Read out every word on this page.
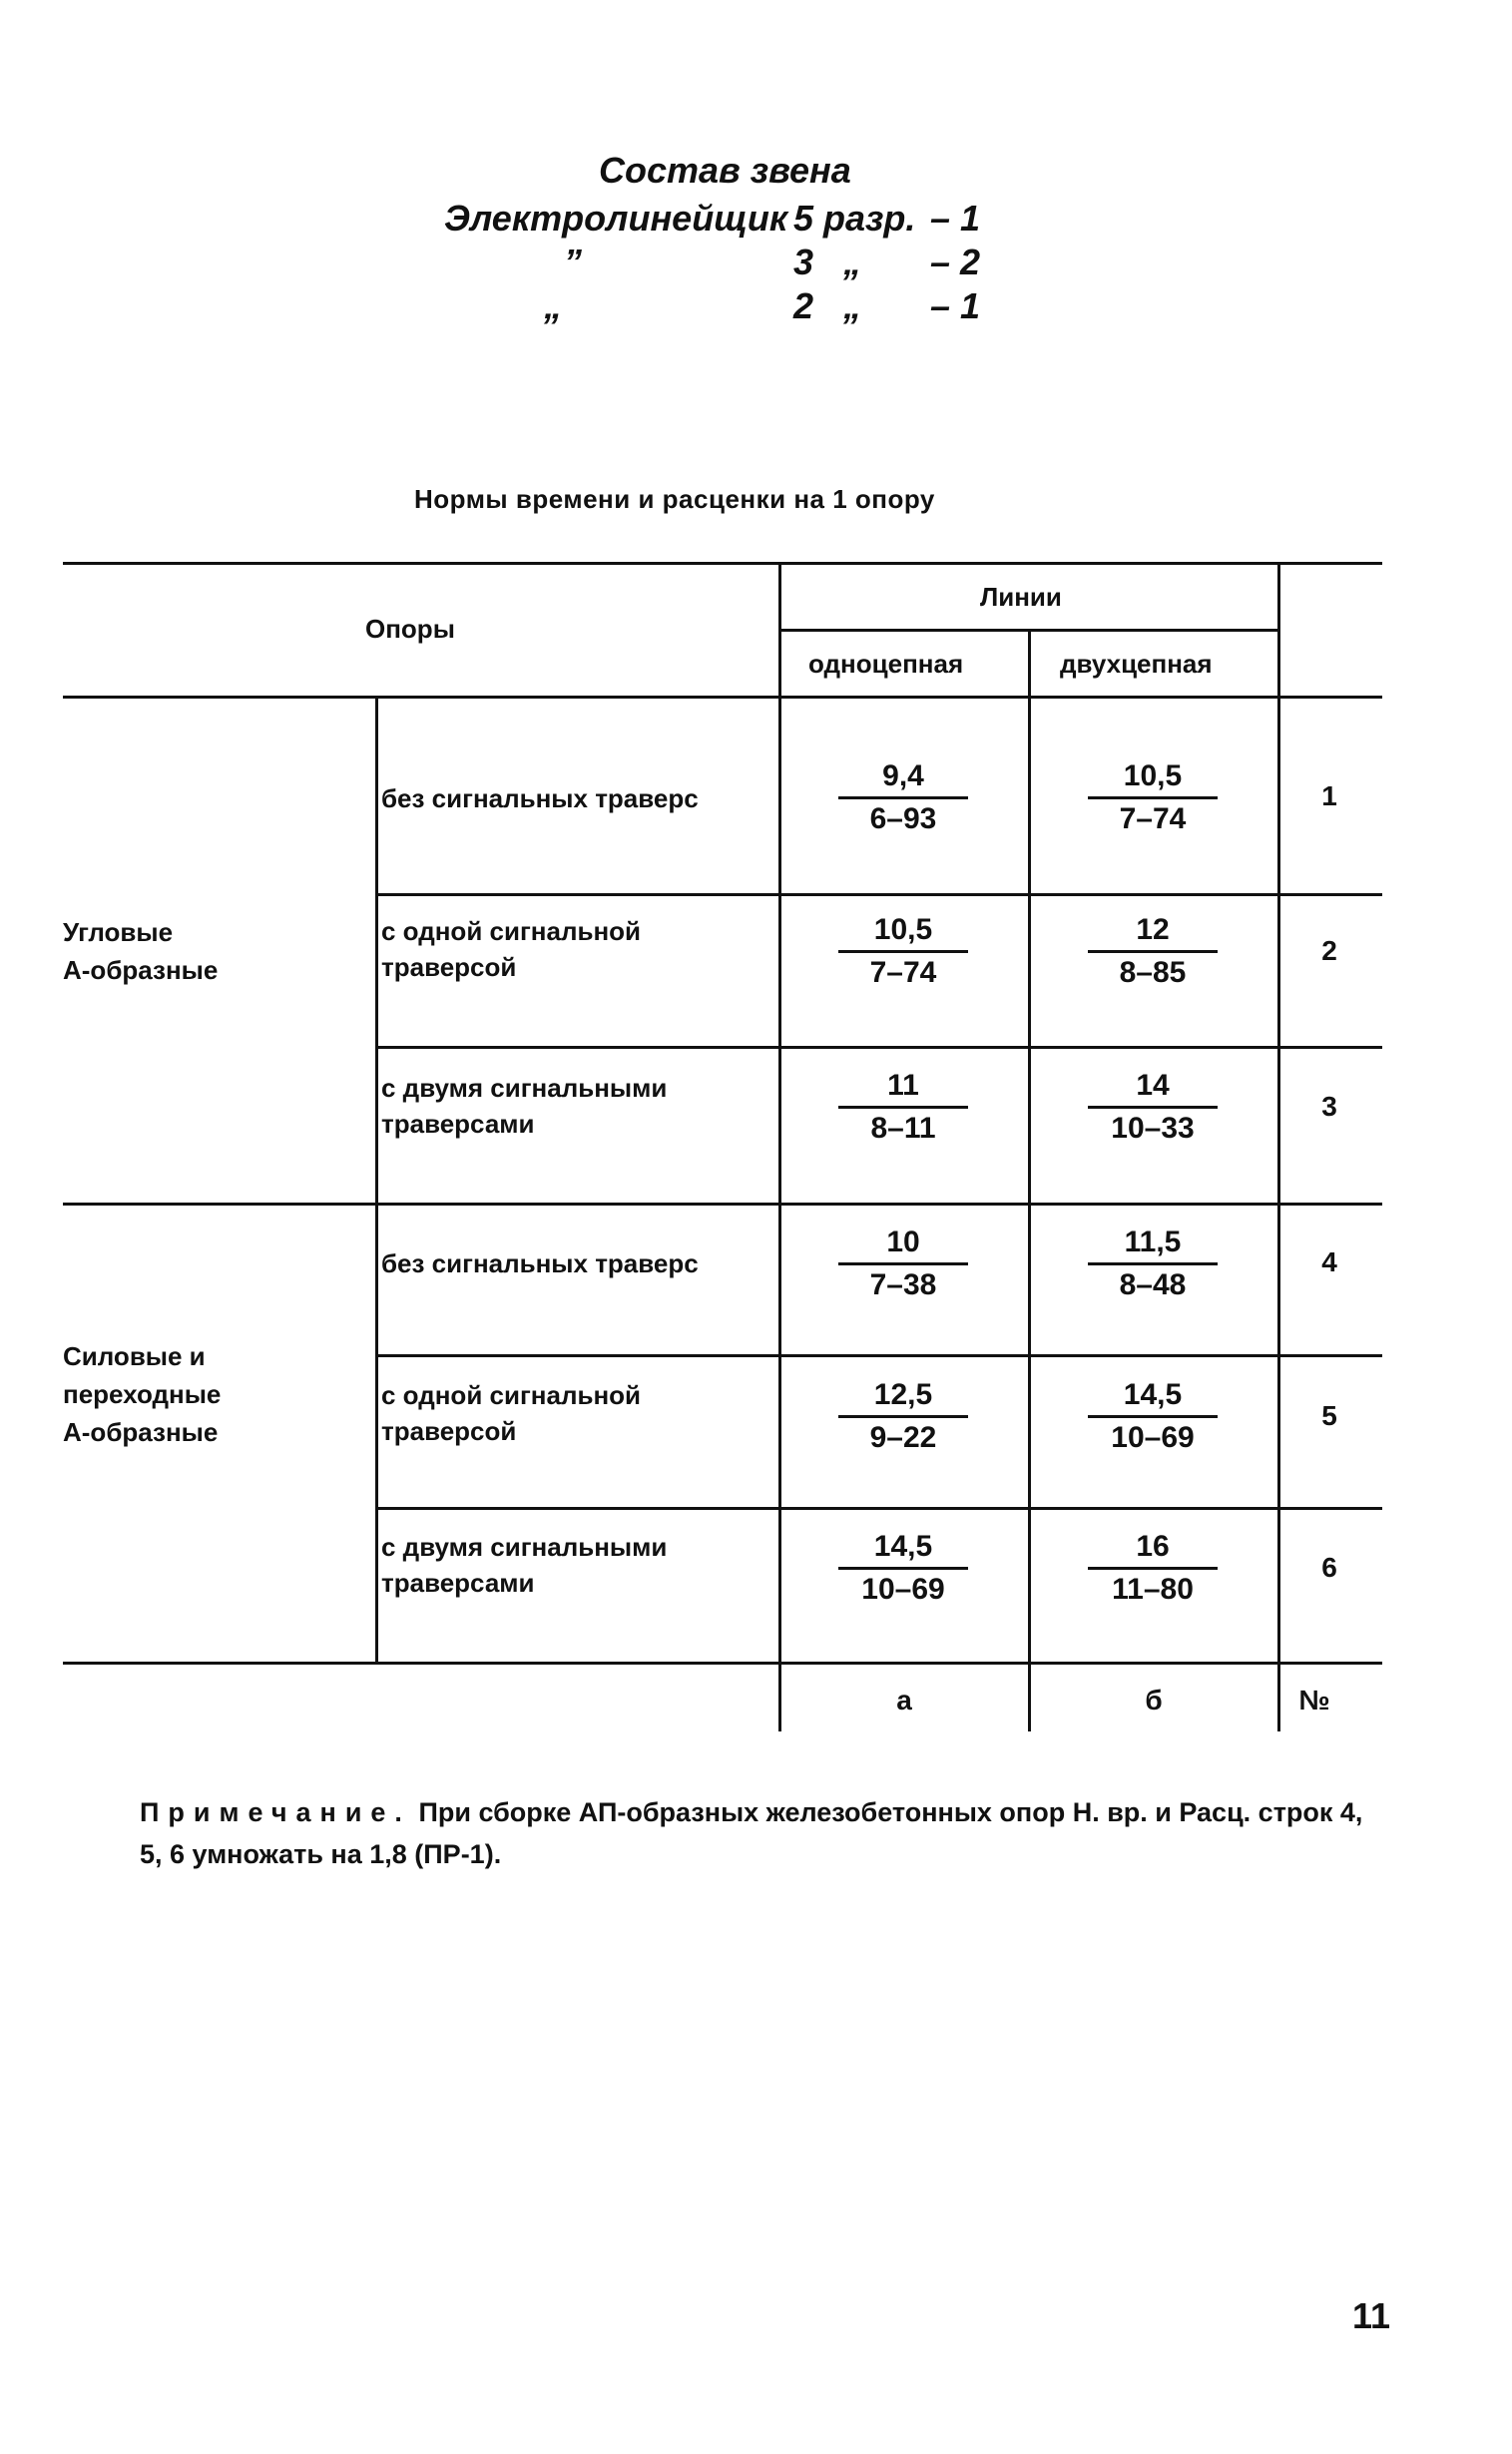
Состав звена
Электролинейщик 5 разр. – 1
”	3 „ – 2
„	2 „ – 1
Нормы времени и расценки на 1 опору
Опоры
Линии
одноцепная	двухцепная
Угловые
А-образные
Силовые и
переходные
А-образные
без сигнальных траверс	$\frac{9,4}{6-93}$	$\frac{10,5}{7-74}$	1
с одной сигнальной
траверсой	$\frac{10,5}{7-74}$	$\frac{12}{8-85}$	2
с двумя сигнальными
траверсами	$\frac{11}{8-11}$	$\frac{14}{10-33}$	3
без сигнальных траверс	$\frac{10}{7-38}$	$\frac{11,5}{8-48}$	4
с одной сигнальной
траверсой	$\frac{12,5}{9-22}$	$\frac{14,5}{10-69}$	5
с двумя сигнальными
траверсами	$\frac{14,5}{10-69}$	$\frac{16}{11-80}$	6
а	б	№
Примечание. При сборке АП-образных железобетонных опор Н. вр. и Расц. строк 4, 5, 6 умножать на 1,8 (ПР-1).
11
